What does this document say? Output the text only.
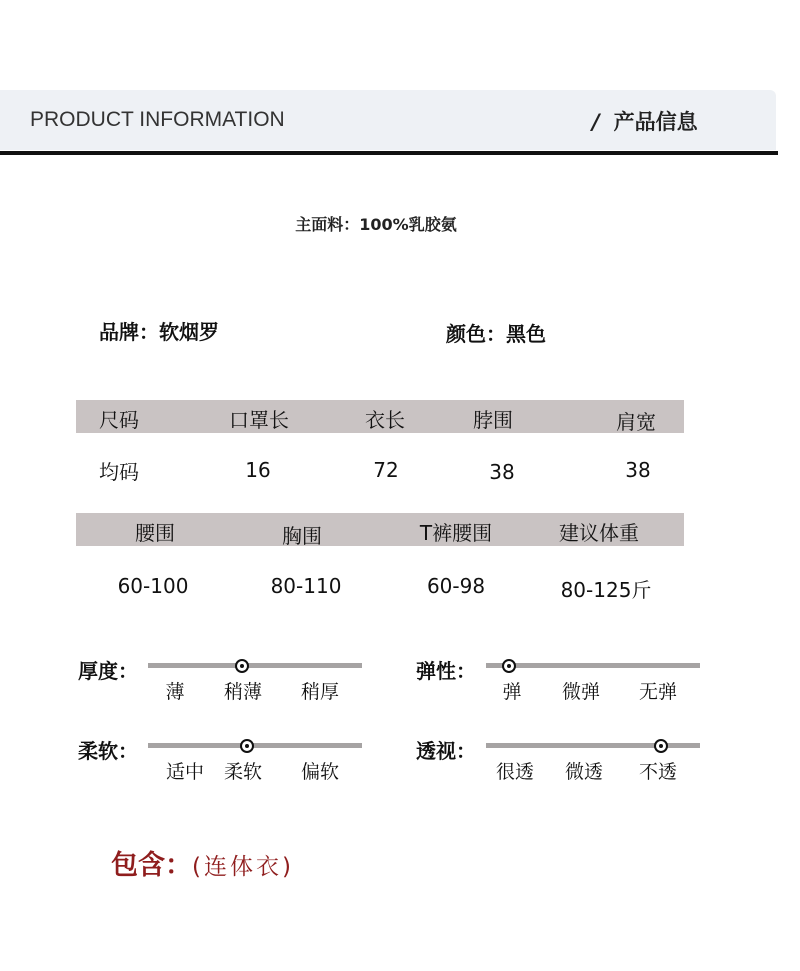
PRODUCT INFORMATION	/ 产品信息
主面料：100%乳胶氨
品牌：软烟罗	颜色：黑色
尺码	口罩长	衣长	脖围	肩宽
均码	16	72	38	38
腰围	胸围	T裤腰围	建议体重
60-100	80-110	60-98	80-125斤
厚度：
薄 稍薄 稍厚
弹性：
弹 微弹 无弹
柔软：
适中 柔软 偏软
透视：
很透 微透 不透
包含：(连体衣)
